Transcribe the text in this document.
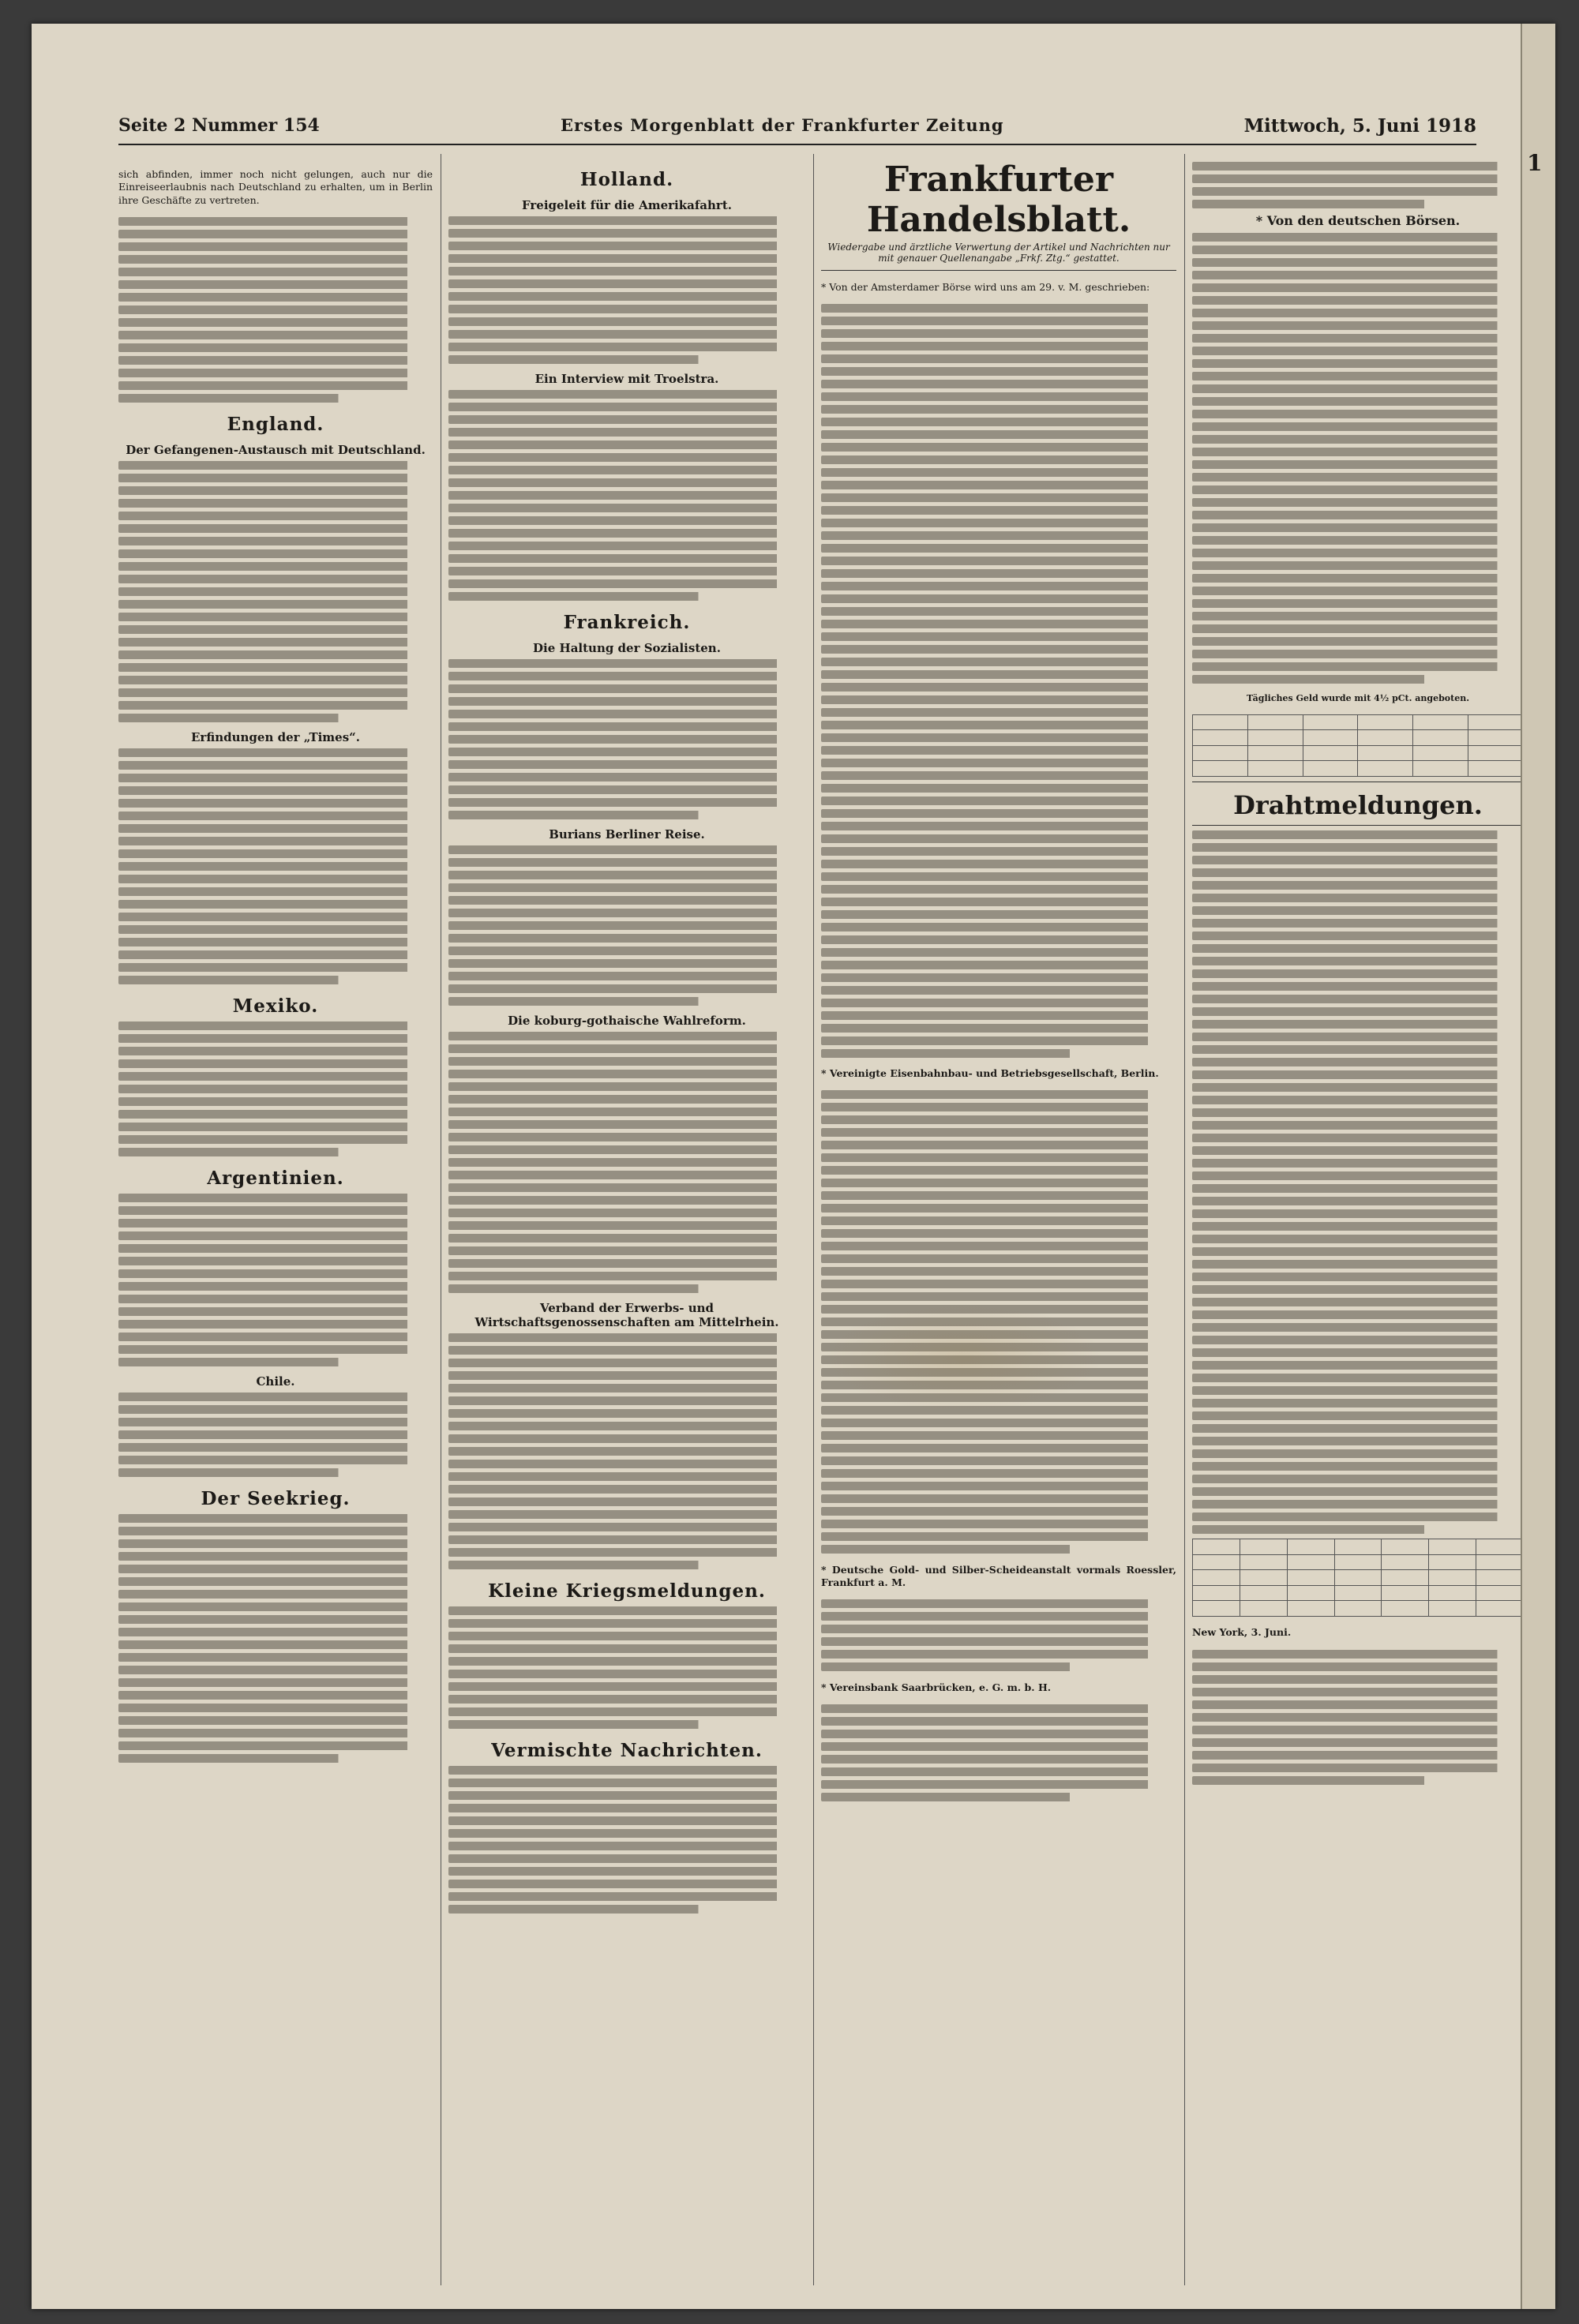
Seite 2 Nummer 154	Erstes Morgenblatt der Frankfurter Zeitung	Mittwoch, 5. Juni 1918

sich abfinden, immer noch nicht gelungen, auch nur die Einreiseerlaubnis nach Deutschland zu erhalten, um in Berlin ihre Geschäfte zu vertreten.

England.
Der Gefangenen-Austausch mit Deutschland.
Erfindungen der „Times“.
Mexiko.
Argentinien.
Chile.
Der Seekrieg.
Holland.
Freigeleit für die Amerikafahrt.
Ein Interview mit Troelstra.
Frankreich.
Die Haltung der Sozialisten.
Burians Berliner Reise.
Die koburg-gothaische Wahlreform.
Verband der Erwerbs- und Wirtschaftsgenossenschaften am Mittelrhein.
Kleine Kriegsmeldungen.
Vermischte Nachrichten.
Frankfurter Handelsblatt.
Wiedergabe und ärztliche Verwertung der Artikel und Nachrichten nur mit genauer Quellenangabe „Frkf. Ztg.“ gestattet.

* Von der Amsterdamer Börse wird uns am 29. v. M. geschrieben:

* Vereinigte Eisenbahnbau- und Betriebsgesellschaft, Berlin.

* Deutsche Gold- und Silber-Scheideanstalt vormals Roessler, Frankfurt a. M.

* Vereinsbank Saarbrücken, e. G. m. b. H.

* Von den deutschen Börsen.

Tägliches Geld wurde mit 4½ pCt. angeboten.

Drahtmeldungen.

New York, 3. Juni.

1
